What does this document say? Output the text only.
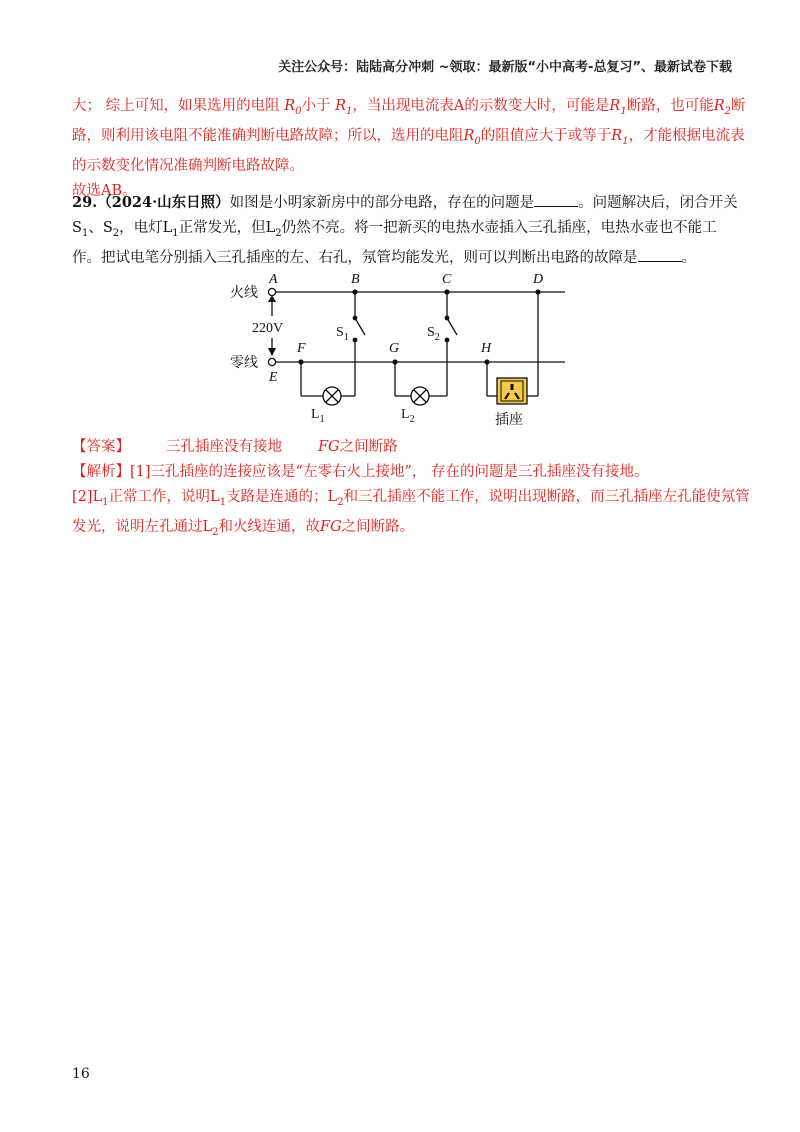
关注公众号：陆陆高分冲刺 ~领取：最新版“小中高考-总复习”、最新试卷下载
大； 综上可知，如果选用的电阻 $R_0$小于 $R_1$，当出现电流表A的示数变大时，可能是$R_1$断路，也可能$R_2$断
路，则利用该电阻不能准确判断电路故障；所以，选用的电阻$R_0$的阻值应大于或等于$R_1$，才能根据电流表
的示数变化情况准确判断电路故障。
故选AB。
29.（2024·山东日照）如图是小明家新房中的部分电路，存在的问题是	。问题解决后，闭合开关
$S_1$、$S_2$，电灯$L_1$正常发光，但$L_2$仍然不亮。将一把新买的电热水壶插入三孔插座，电热水壶也不能工
作。把试电笔分别插入三孔插座的左、右孔，氖管均能发光，则可以判断出电路的故障是	。
火线
零线
220V
A	B	C	D
E
F	G	H
$S_1$	$S_2$
$L_1$	$L_2$	插座
【答案】 三孔插座没有接地 FG之间断路
【解析】[1]三孔插座的连接应该是“左零右火上接地”， 存在的问题是三孔插座没有接地。
$[2]L_1$正常工作，说明$L_1$支路是连通的；$L_2$和三孔插座不能工作，说明出现断路，而三孔插座左孔能使氖管
发光，说明左孔通过$L_2$和火线连通，故FG之间断路。
16
